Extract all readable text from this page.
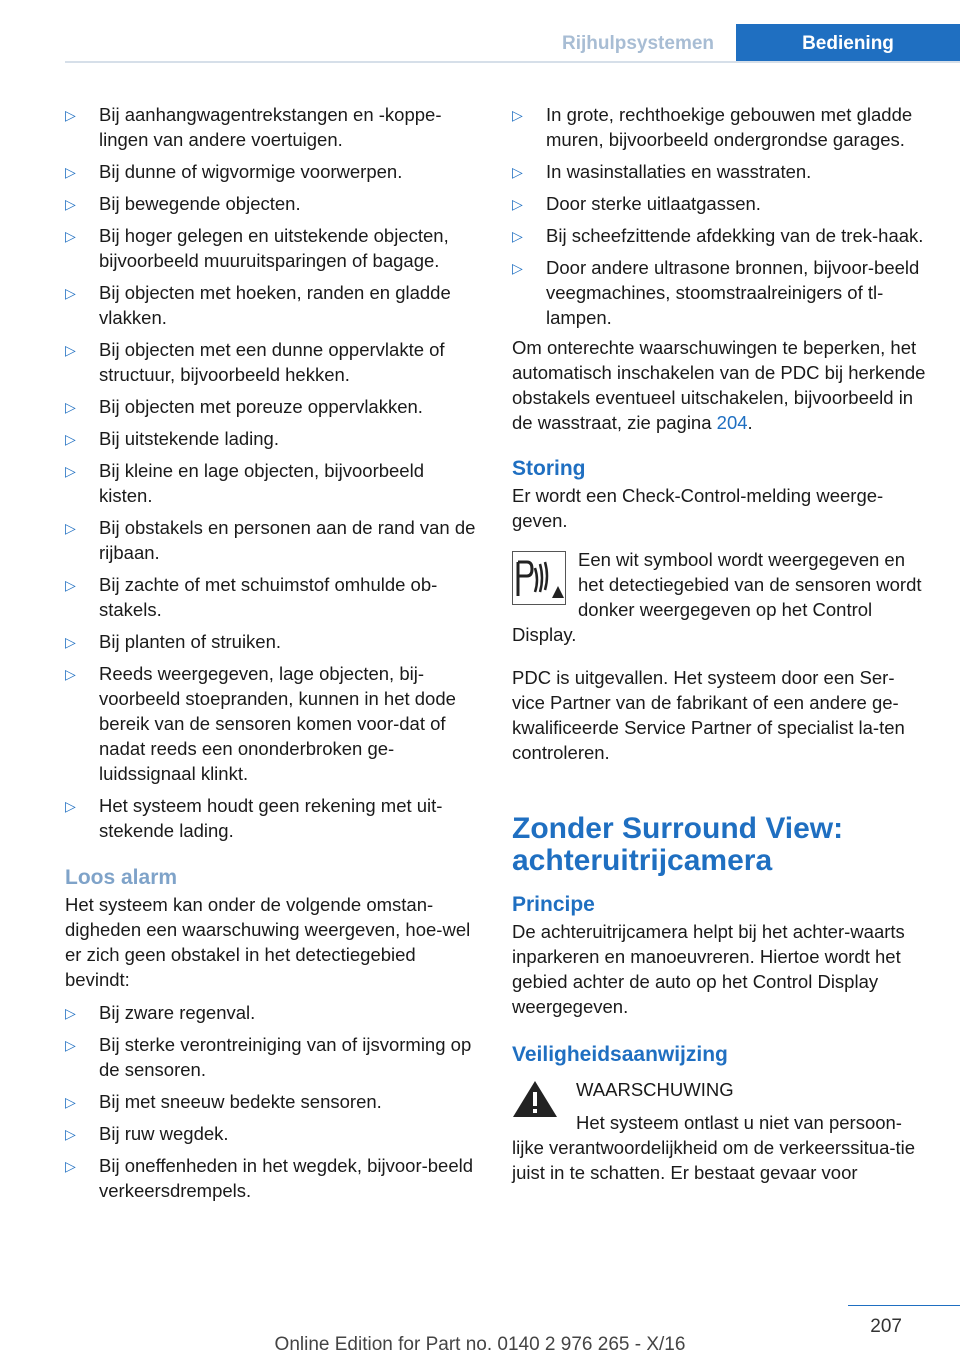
Rijhulpsystemen	Bediening
▷ Bij aanhangwagentrekstangen en -koppe-lingen van andere voertuigen.
▷ Bij dunne of wigvormige voorwerpen.
▷ Bij bewegende objecten.
▷ Bij hoger gelegen en uitstekende objecten, bijvoorbeeld muuruitsparingen of bagage.
▷ Bij objecten met hoeken, randen en gladde vlakken.
▷ Bij objecten met een dunne oppervlakte of structuur, bijvoorbeeld hekken.
▷ Bij objecten met poreuze oppervlakken.
▷ Bij uitstekende lading.
▷ Bij kleine en lage objecten, bijvoorbeeld kisten.
▷ Bij obstakels en personen aan de rand van de rijbaan.
▷ Bij zachte of met schuimstof omhulde ob-stakels.
▷ Bij planten of struiken.
▷ Reeds weergegeven, lage objecten, bij-voorbeeld stoepranden, kunnen in het dode bereik van de sensoren komen voor-dat of nadat reeds een ononderbroken ge-luidssignaal klinkt.
▷ Het systeem houdt geen rekening met uit-stekende lading.
Loos alarm

Het systeem kan onder de volgende omstan-digheden een waarschuwing weergeven, hoe-wel er zich geen obstakel in het detectiegebied bevindt:

▷ Bij zware regenval.
▷ Bij sterke verontreiniging van of ijsvorming op de sensoren.
▷ Bij met sneeuw bedekte sensoren.
▷ Bij ruw wegdek.
▷ Bij oneffenheden in het wegdek, bijvoor-beeld verkeersdrempels.
▷ In grote, rechthoekige gebouwen met gladde muren, bijvoorbeeld ondergrondse garages.
▷ In wasinstallaties en wasstraten.
▷ Door sterke uitlaatgassen.
▷ Bij scheefzittende afdekking van de trek-haak.
▷ Door andere ultrasone bronnen, bijvoor-beeld veegmachines, stoomstraalreinigers of tl-lampen.

Om onterechte waarschuwingen te beperken, het automatisch inschakelen van de PDC bij herkende obstakels eventueel uitschakelen, bijvoorbeeld in de wasstraat, zie pagina 204.

Storing

Er wordt een Check-Control-melding weerge-geven.

Een wit symbool wordt weergegeven en het detectiegebied van de sensoren wordt donker weergegeven op het Control Display.

PDC is uitgevallen. Het systeem door een Ser-vice Partner van de fabrikant of een andere ge-kwalificeerde Service Partner of specialist la-ten controleren.

Zonder Surround View:
achteruitrijcamera
Principe

De achteruitrijcamera helpt bij het achter-waarts inparkeren en manoeuvreren. Hiertoe wordt het gebied achter de auto op het Control Display weergegeven.

Veiligheidsaanwijzing

WAARSCHUWING

Het systeem ontlast u niet van persoon-lijke verantwoordelijkheid om de verkeerssitua-tie juist in te schatten. Er bestaat gevaar voor

207
Online Edition for Part no. 0140 2 976 265 - X/16
